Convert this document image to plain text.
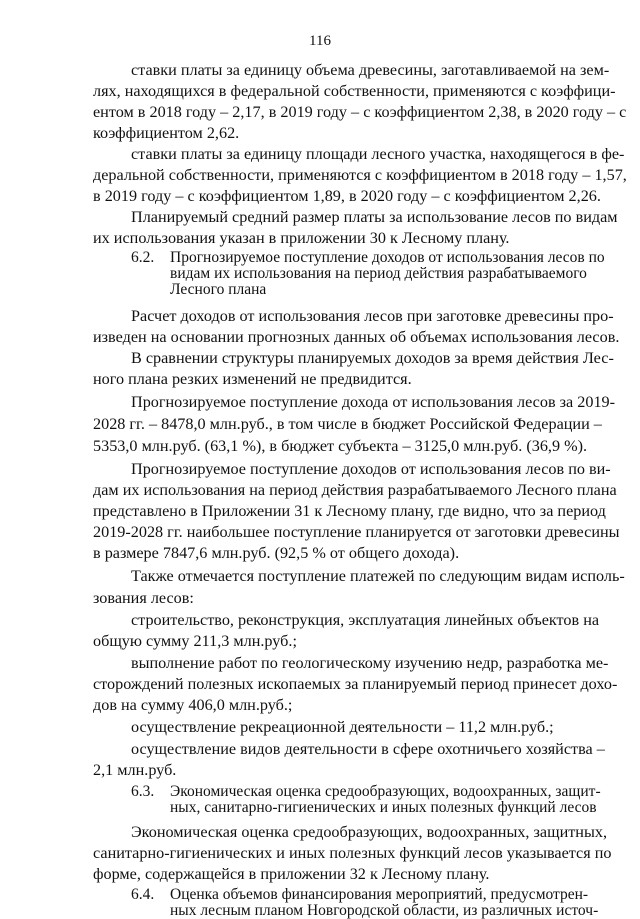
116
ставки платы за единицу объема древесины, заготавливаемой на зем-
лях, находящихся в федеральной собственности, применяются с коэффици-
ентом в 2018 году – 2,17, в 2019 году – с коэффициентом 2,38, в 2020 году – с
коэффициентом 2,62.
ставки платы за единицу площади лесного участка, находящегося в фе-
деральной собственности, применяются с коэффициентом в 2018 году – 1,57,
в 2019 году – с коэффициентом 1,89, в 2020 году – с коэффициентом 2,26.
Планируемый средний размер платы за использование лесов по видам
их использования указан в приложении 30 к Лесному плану.
6.2. Прогнозируемое поступление доходов от использования лесов по
видам их использования на период действия разрабатываемого
Лесного плана
Расчет доходов от использования лесов при заготовке древесины про-
изведен на основании прогнозных данных об объемах использования лесов.
В сравнении структуры планируемых доходов за время действия Лес-
ного плана резких изменений не предвидится.
Прогнозируемое поступление дохода от использования лесов за 2019-
2028 гг. – 8478,0 млн.руб., в том числе в бюджет Российской Федерации –
5353,0 млн.руб. (63,1 %), в бюджет субъекта – 3125,0 млн.руб. (36,9 %).
Прогнозируемое поступление доходов от использования лесов по ви-
дам их использования на период действия разрабатываемого Лесного плана
представлено в Приложении 31 к Лесному плану, где видно, что за период
2019-2028 гг. наибольшее поступление планируется от заготовки древесины
в размере 7847,6 млн.руб. (92,5 % от общего дохода).
Также отмечается поступление платежей по следующим видам исполь-
зования лесов:
строительство, реконструкция, эксплуатация линейных объектов на
общую сумму 211,3 млн.руб.;
выполнение работ по геологическому изучению недр, разработка ме-
сторождений полезных ископаемых за планируемый период принесет дохо-
дов на сумму 406,0 млн.руб.;
осуществление рекреационной деятельности – 11,2 млн.руб.;
осуществление видов деятельности в сфере охотничьего хозяйства –
2,1 млн.руб.
6.3. Экономическая оценка средообразующих, водоохранных, защит-
ных, санитарно-гигиенических и иных полезных функций лесов
Экономическая оценка средообразующих, водоохранных, защитных,
санитарно-гигиенических и иных полезных функций лесов указывается по
форме, содержащейся в приложении 32 к Лесному плану.
6.4. Оценка объемов финансирования мероприятий, предусмотрен-
ных лесным планом Новгородской области, из различных источ-
